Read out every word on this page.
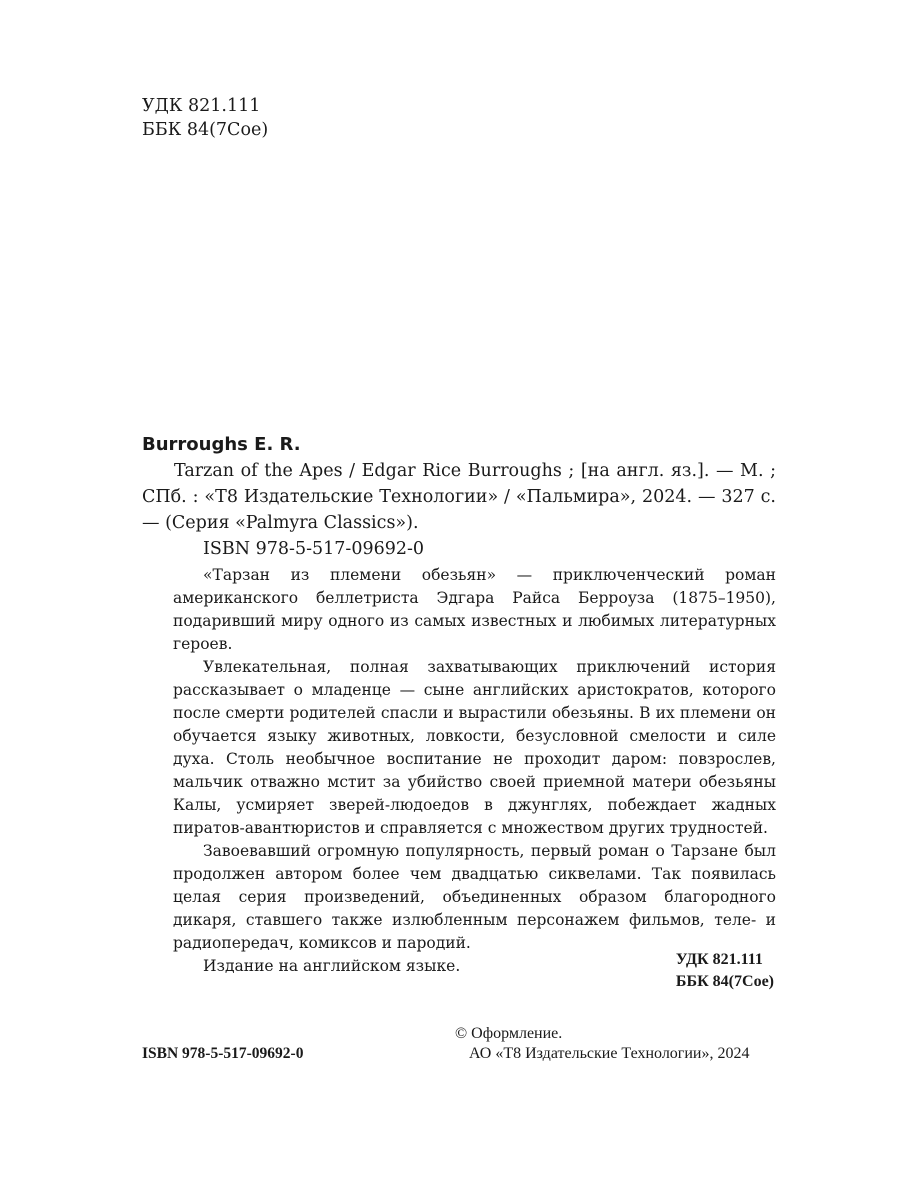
УДК 821.111
ББК 84(7Сое)
Burroughs E. R.
Tarzan of the Apes / Edgar Rice Burroughs ; [на англ. яз.]. — М. ; СПб. : «Т8 Издательские Технологии» / «Пальмира», 2024. — 327 с. — (Серия «Palmyra Classics»).
ISBN 978-5-517-09692-0

«Тарзан из племени обезьян» — приключенческий роман американского беллетриста Эдгара Райса Берроуза (1875–1950), подаривший миру одного из самых известных и любимых литературных героев.

Увлекательная, полная захватывающих приключений история рассказывает о младенце — сыне английских аристократов, которого после смерти родителей спасли и вырастили обезьяны. В их племени он обучается языку животных, ловкости, безусловной смелости и силе духа. Столь необычное воспитание не проходит даром: повзрослев, мальчик отважно мстит за убийство своей приемной матери обезьяны Калы, усмиряет зверей-людоедов в джунглях, побеждает жадных пиратов-авантюристов и справляется с множеством других трудностей.

Завоевавший огромную популярность, первый роман о Тарзане был продолжен автором более чем двадцатью сиквелами. Так появилась целая серия произведений, объединенных образом благородного дикаря, ставшего также излюбленным персонажем фильмов, теле- и радиопередач, комиксов и пародий.

Издание на английском языке.	УДК 821.111
ББК 84(7Сое)
ISBN 978-5-517-09692-0
© Оформление.
АО «Т8 Издательские Технологии», 2024
